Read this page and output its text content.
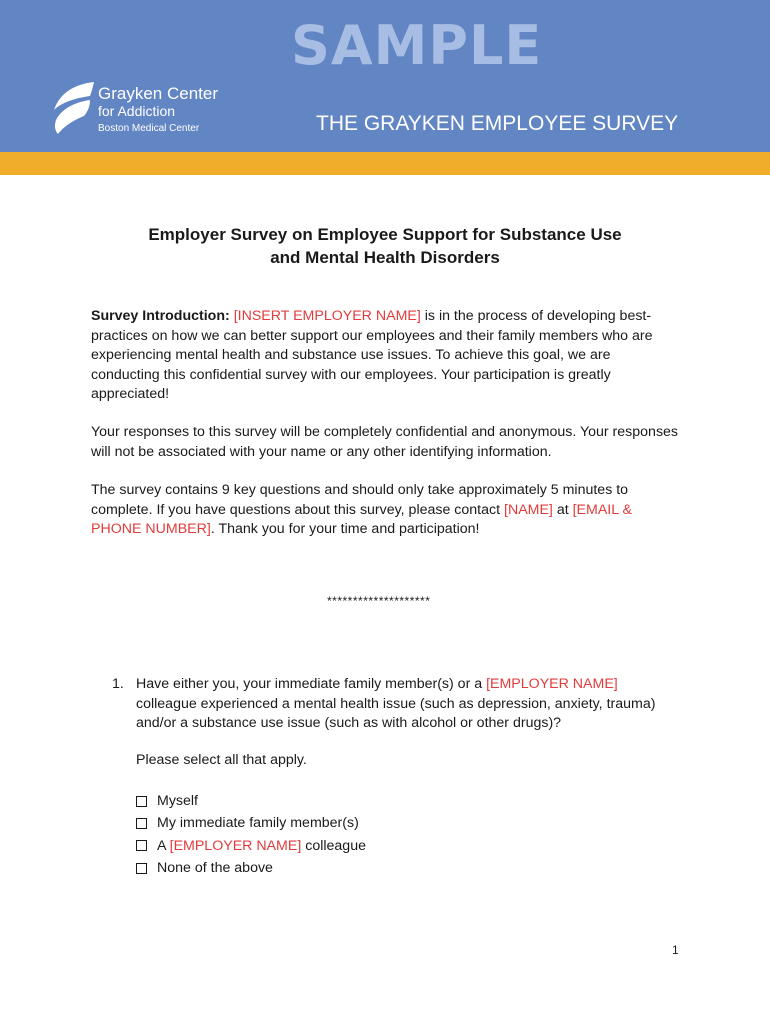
SAMPLE
Grayken Center
for Addiction
Boston Medical Center	THE GRAYKEN EMPLOYEE SURVEY
Employer Survey on Employee Support for Substance Use
and Mental Health Disorders
Survey Introduction: [INSERT EMPLOYER NAME] is in the process of developing best-practices on how we can better support our employees and their family members who are experiencing mental health and substance use issues. To achieve this goal, we are conducting this confidential survey with our employees. Your participation is greatly appreciated!
Your responses to this survey will be completely confidential and anonymous. Your responses will not be associated with your name or any other identifying information.
The survey contains 9 key questions and should only take approximately 5 minutes to complete. If you have questions about this survey, please contact [NAME] at [EMAIL & PHONE NUMBER]. Thank you for your time and participation!
********************
1. Have either you, your immediate family member(s) or a [EMPLOYER NAME] colleague experienced a mental health issue (such as depression, anxiety, trauma) and/or a substance use issue (such as with alcohol or other drugs)?
Please select all that apply.
Myself
My immediate family member(s)
A [EMPLOYER NAME] colleague
None of the above
1
